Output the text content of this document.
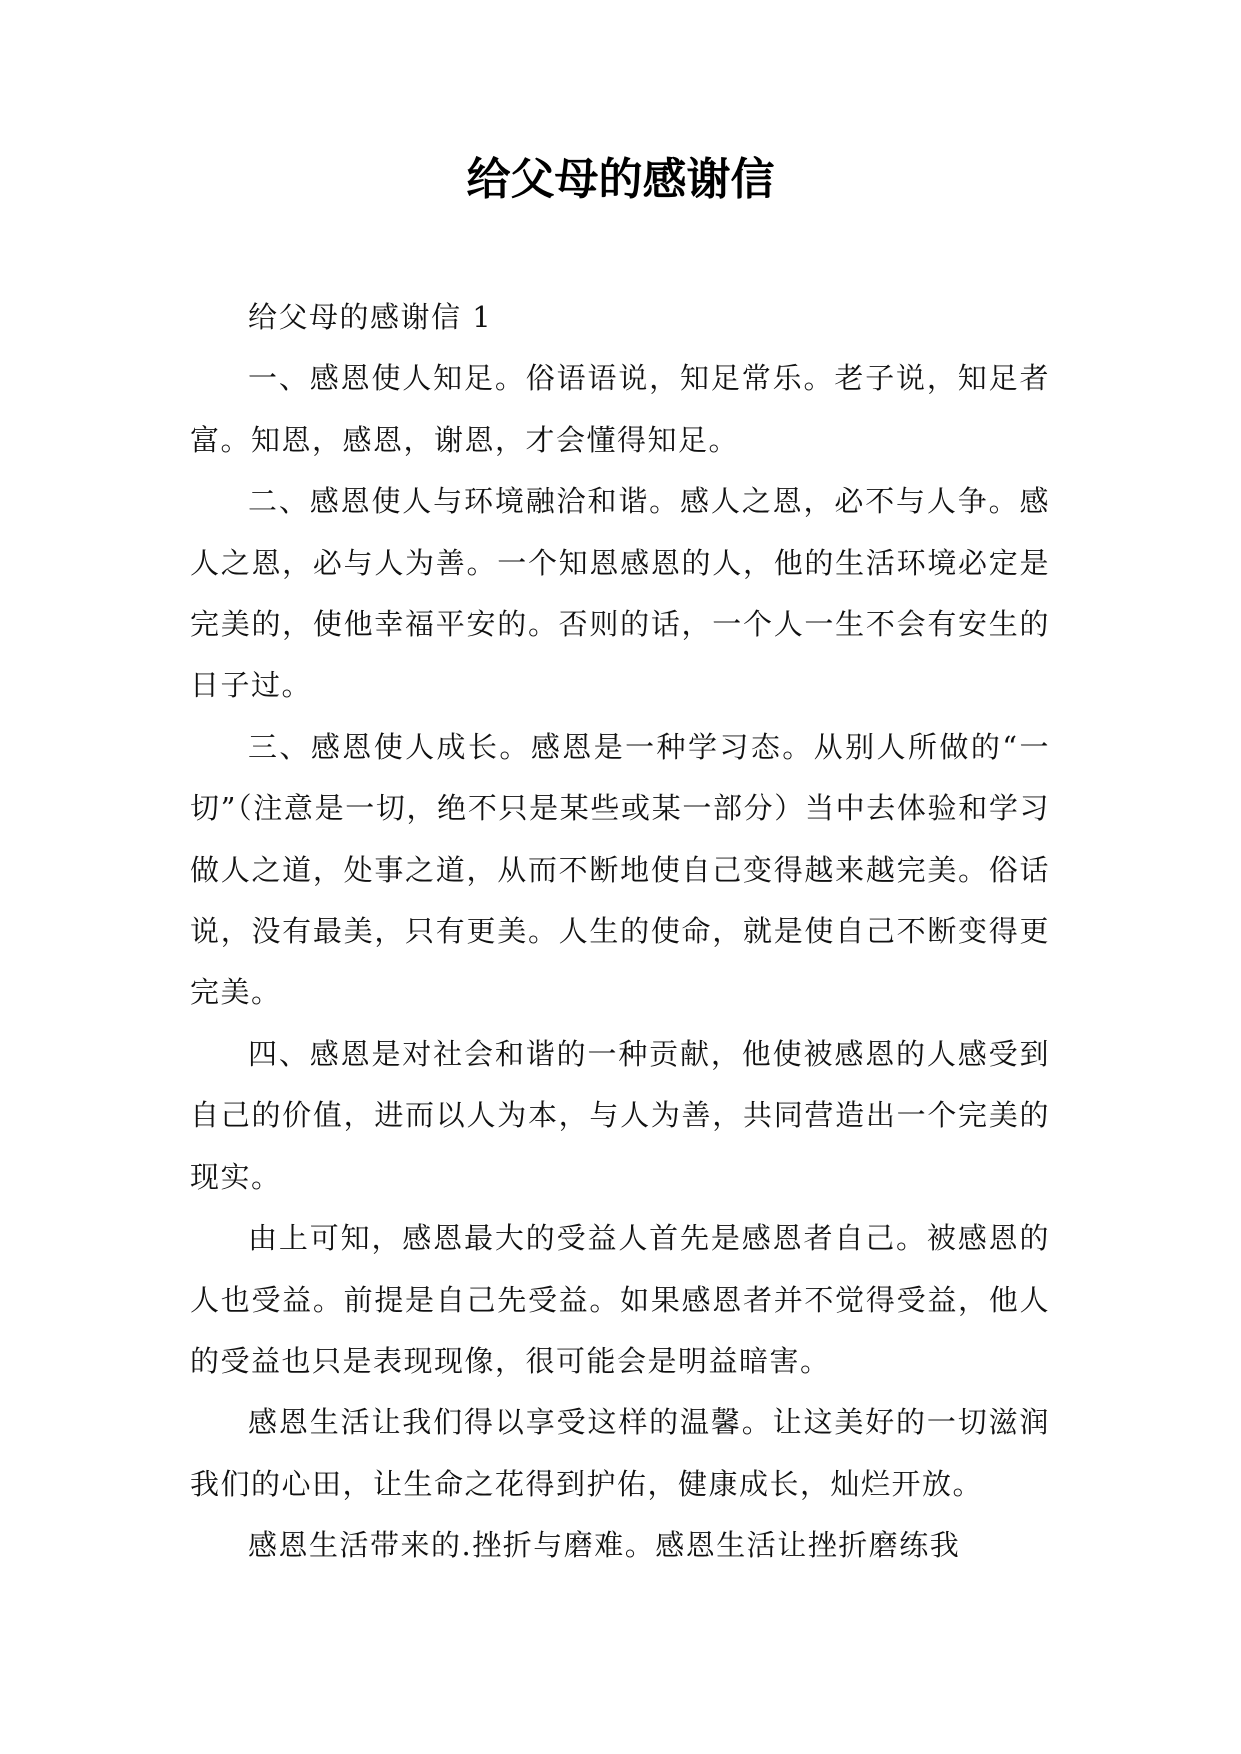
给父母的感谢信

给父母的感谢信 1

一、感恩使人知足。俗语语说，知足常乐。老子说，知足者富。知恩，感恩，谢恩，才会懂得知足。

二、感恩使人与环境融洽和谐。感人之恩，必不与人争。感人之恩，必与人为善。一个知恩感恩的人，他的生活环境必定是完美的，使他幸福平安的。否则的话，一个人一生不会有安生的日子过。

三、感恩使人成长。感恩是一种学习态。从别人所做的“一切”（注意是一切，绝不只是某些或某一部分）当中去体验和学习做人之道，处事之道，从而不断地使自己变得越来越完美。俗话说，没有最美，只有更美。人生的使命，就是使自己不断变得更完美。

四、感恩是对社会和谐的一种贡献，他使被感恩的人感受到自己的价值，进而以人为本，与人为善，共同营造出一个完美的现实。

由上可知，感恩最大的受益人首先是感恩者自己。被感恩的人也受益。前提是自己先受益。如果感恩者并不觉得受益，他人的受益也只是表现现像，很可能会是明益暗害。

感恩生活让我们得以享受这样的温馨。让这美好的一切滋润我们的心田，让生命之花得到护佑，健康成长，灿烂开放。

感恩生活带来的.挫折与磨难。感恩生活让挫折磨练我
